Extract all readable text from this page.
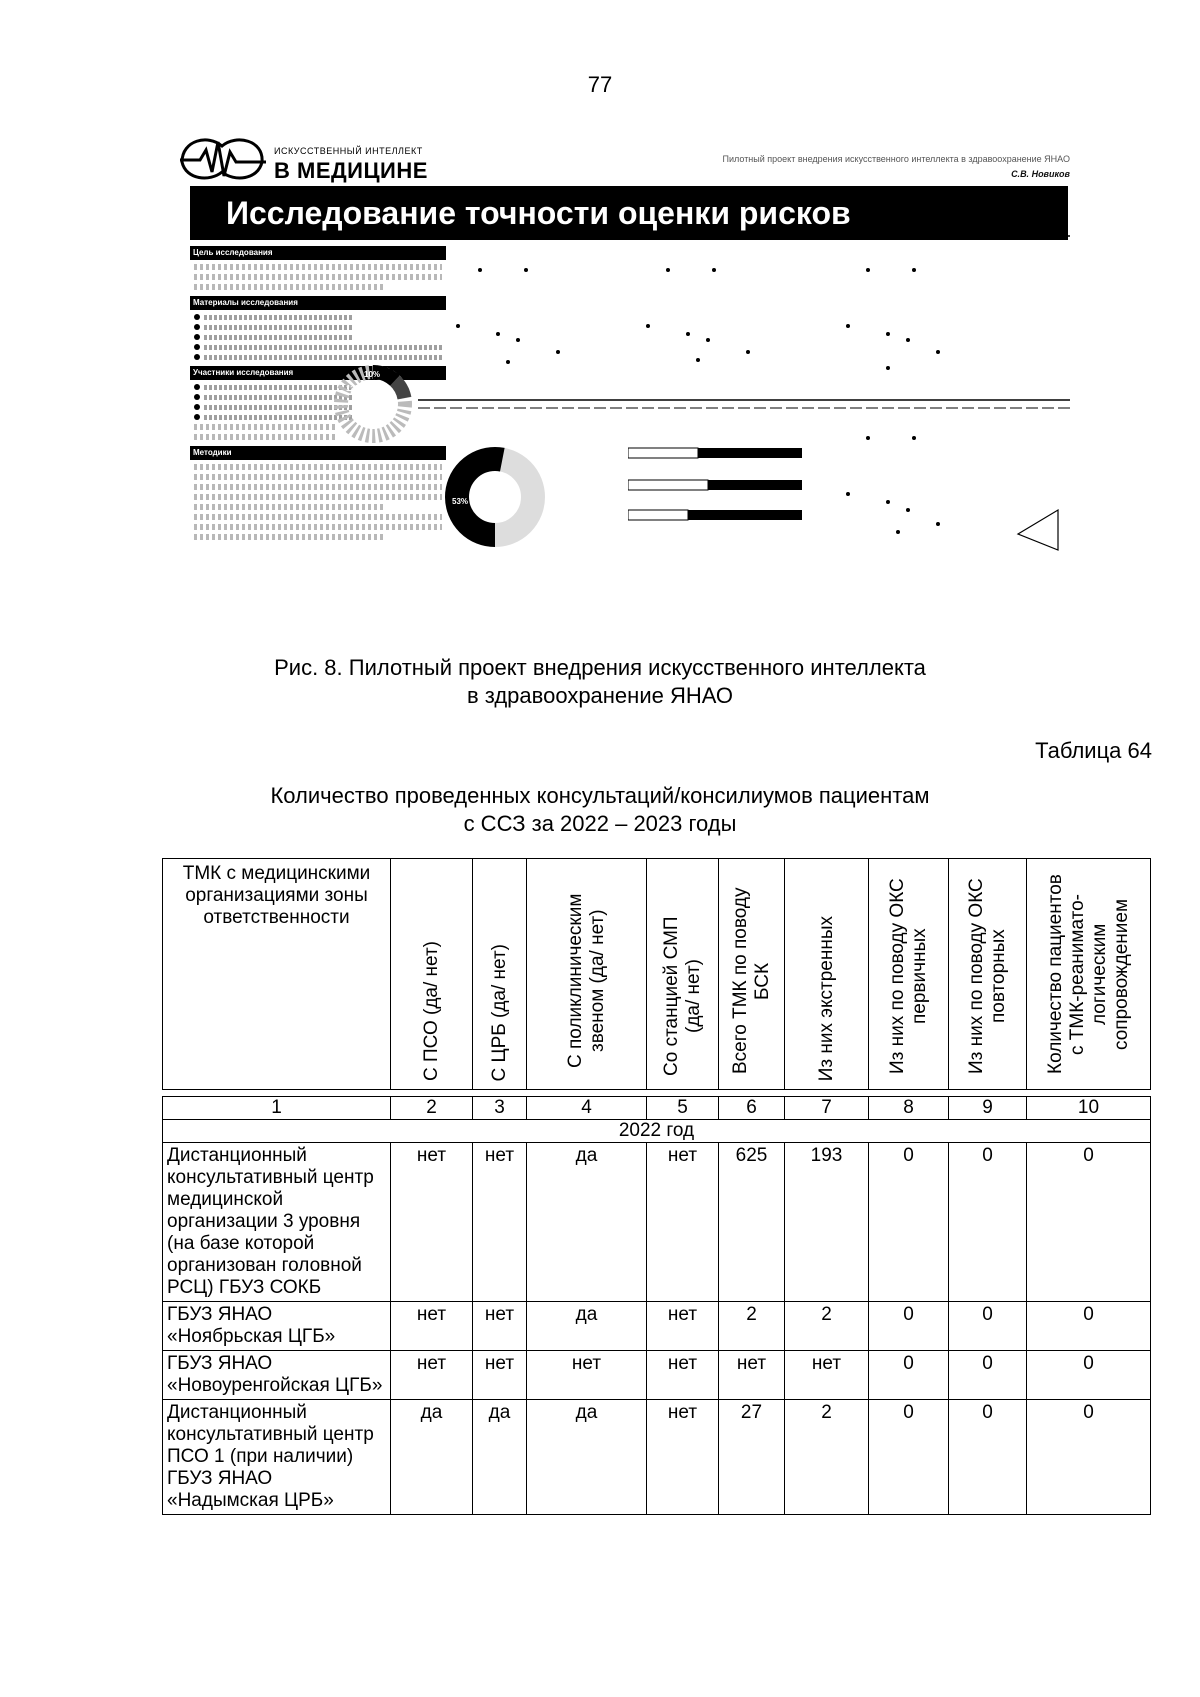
77
ИСКУССТВЕННЫЙ ИНТЕЛЛЕКТ
В МЕДИЦИНЕ	Пилотный проект внедрения искусственного интеллекта в здравоохранение ЯНАО
С.В. Новиков
Исследование точности оценки рисков
Цель исследования
Материалы исследования
Участники исследования
Методики
12%
10%
53%
Рис. 8. Пилотный проект внедрения искусственного интеллекта
в здравоохранение ЯНАО
Таблица 64
Количество проведенных консультаций/консилиумов пациентам
с ССЗ за 2022 – 2023 годы
ТМК с медицинскими организациями зоны ответственности	С ПСО (да/ нет)	С ЦРБ (да/ нет)	С поликлиническим звеном (да/ нет)	Со станцией СМП (да/ нет)	Всего ТМК по поводу БСК	Из них экстренных	Из них по поводу ОКС первичных	Из них по поводу ОКС повторных	Количество пациентов с ТМК-реанимато-логическим сопровождением

1	2	3	4	5	6	7	8	9	10
2022 год									
Дистанционный консультативный центр медицинской организации 3 уровня (на базе которой организован головной РСЦ) ГБУЗ СОКБ	нет	нет	да	нет	625	193	0	0	0
ГБУЗ ЯНАО «Ноябрьская ЦГБ»	нет	нет	да	нет	2	2	0	0	0
ГБУЗ ЯНАО «Новоуренгойская ЦГБ»	нет	нет	нет	нет	нет	нет	0	0	0
Дистанционный консультативный центр ПСО 1 (при наличии) ГБУЗ ЯНАО «Надымская ЦРБ»	да	да	да	нет	27	2	0	0	0
